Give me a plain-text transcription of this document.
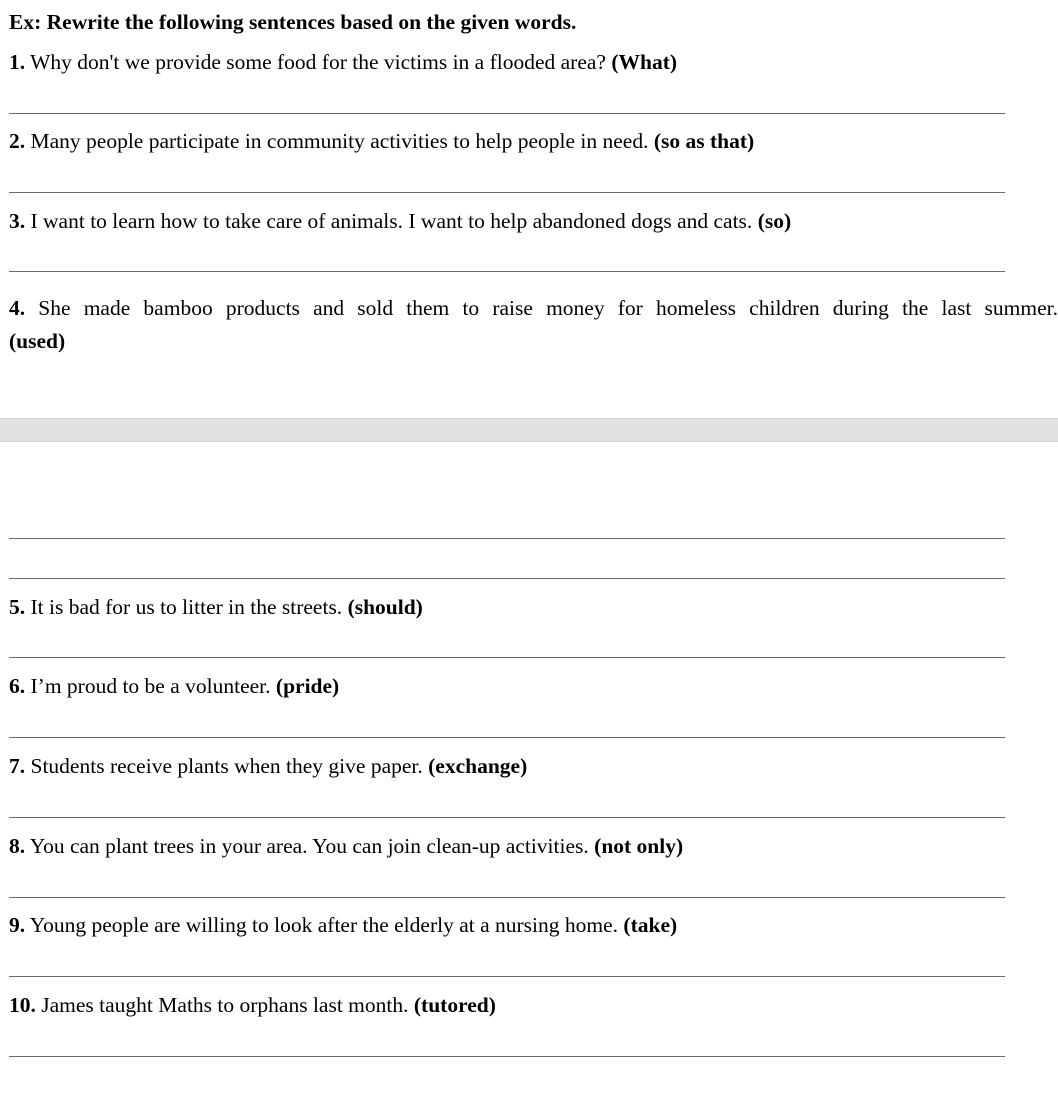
Ex: Rewrite the following sentences based on the given words.
1. Why don't we provide some food for the victims in a flooded area? (What)
2. Many people participate in community activities to help people in need. (so as that)
3. I want to learn how to take care of animals. I want to help abandoned dogs and cats. (so)
4. She made bamboo products and sold them to raise money for homeless children during the last summer.
(used)
5. It is bad for us to litter in the streets. (should)
6. I’m proud to be a volunteer. (pride)
7. Students receive plants when they give paper. (exchange)
8. You can plant trees in your area. You can join clean-up activities. (not only)
9. Young people are willing to look after the elderly at a nursing home. (take)
10. James taught Maths to orphans last month. (tutored)
